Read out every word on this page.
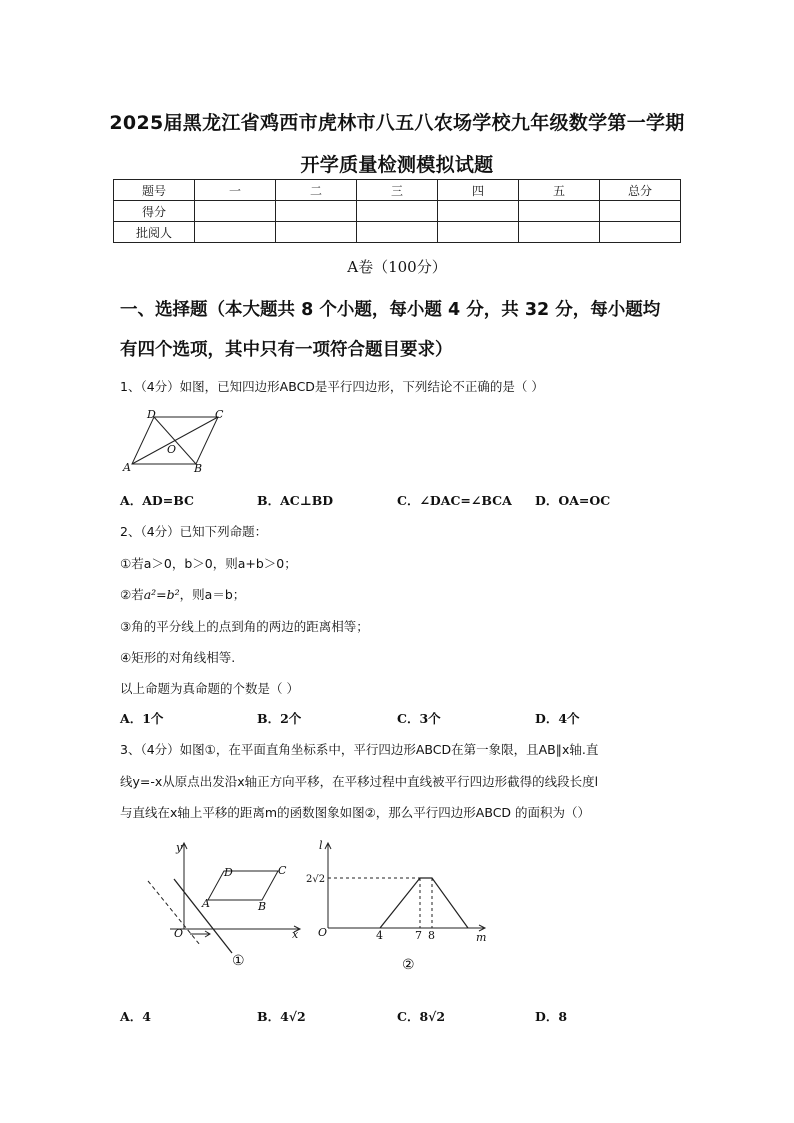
2025届黑龙江省鸡西市虎林市八五八农场学校九年级数学第一学期
开学质量检测模拟试题
题号	一	二	三	四	五	总分
得分						
批阅人						
A卷（100分）
一、选择题（本大题共 8 个小题，每小题 4 分，共 32 分，每小题均
有四个选项，其中只有一项符合题目要求）
1、（4分）如图，已知四边形ABCD是平行四边形，下列结论不正确的是（ ）
A	B
C
D
O
A．AD=BC	B．AC⊥BD	C．∠DAC=∠BCA D．OA=OC
2、（4分）已知下列命题：
①若a＞0，b＞0，则a+b＞0；
②若a²=b²，则a＝b；
③角的平分线上的点到角的两边的距离相等；
④矩形的对角线相等.
以上命题为真命题的个数是（ ）
A．1个	B．2个	C．3个	D．4个
3、（4分）如图①，在平面直角坐标系中，平行四边形ABCD在第一象限，且AB∥x轴.直
线y=-x从原点出发沿x轴正方向平移，在平移过程中直线被平行四边形截得的线段长度l
与直线在x轴上平移的距离m的函数图象如图②，那么平行四边形ABCD 的面积为（）
y
x
O
A	B
C
D
①
l
m
O
2√2
4	7 8
②
A．4	B．4√2	C．8√2	D．8
